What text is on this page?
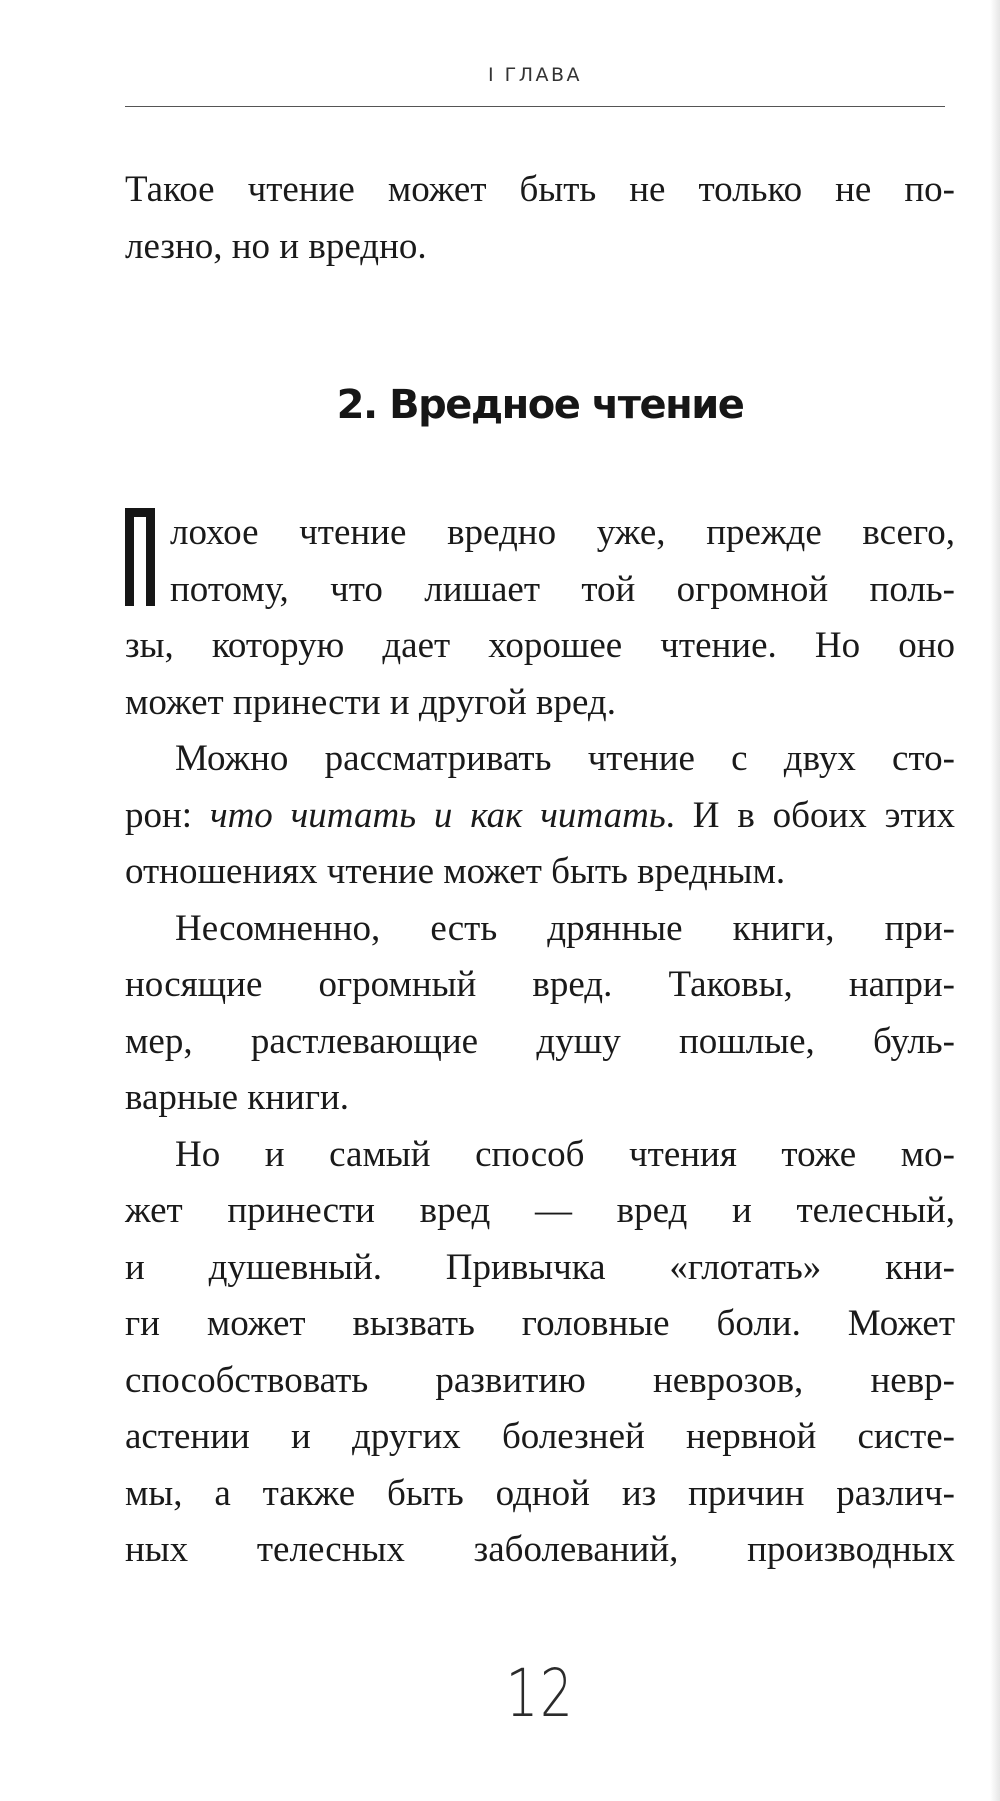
I ГЛАВА

Такое чтение может быть не только не по-

лезно, но и вредно.

2. Вредное чтение

лохое чтение вредно уже, прежде всего,

потому, что лишает той огромной поль-

зы, которую дает хорошее чтение. Но оно

может принести и другой вред.

Можно рассматривать чтение с двух сто-

рон: что читать и как читать. И в обоих этих

отношениях чтение может быть вредным.

Несомненно, есть дрянные книги, при-

носящие огромный вред. Таковы, напри-

мер, растлевающие душу пошлые, буль-

варные книги.

Но и самый способ чтения тоже мо-

жет принести вред — вред и телесный,

и душевный. Привычка «глотать» кни-

ги может вызвать головные боли. Может

способствовать развитию неврозов, невр-

астении и других болезней нервной систе-

мы, а также быть одной из причин различ-

ных телесных заболеваний, производных

12
